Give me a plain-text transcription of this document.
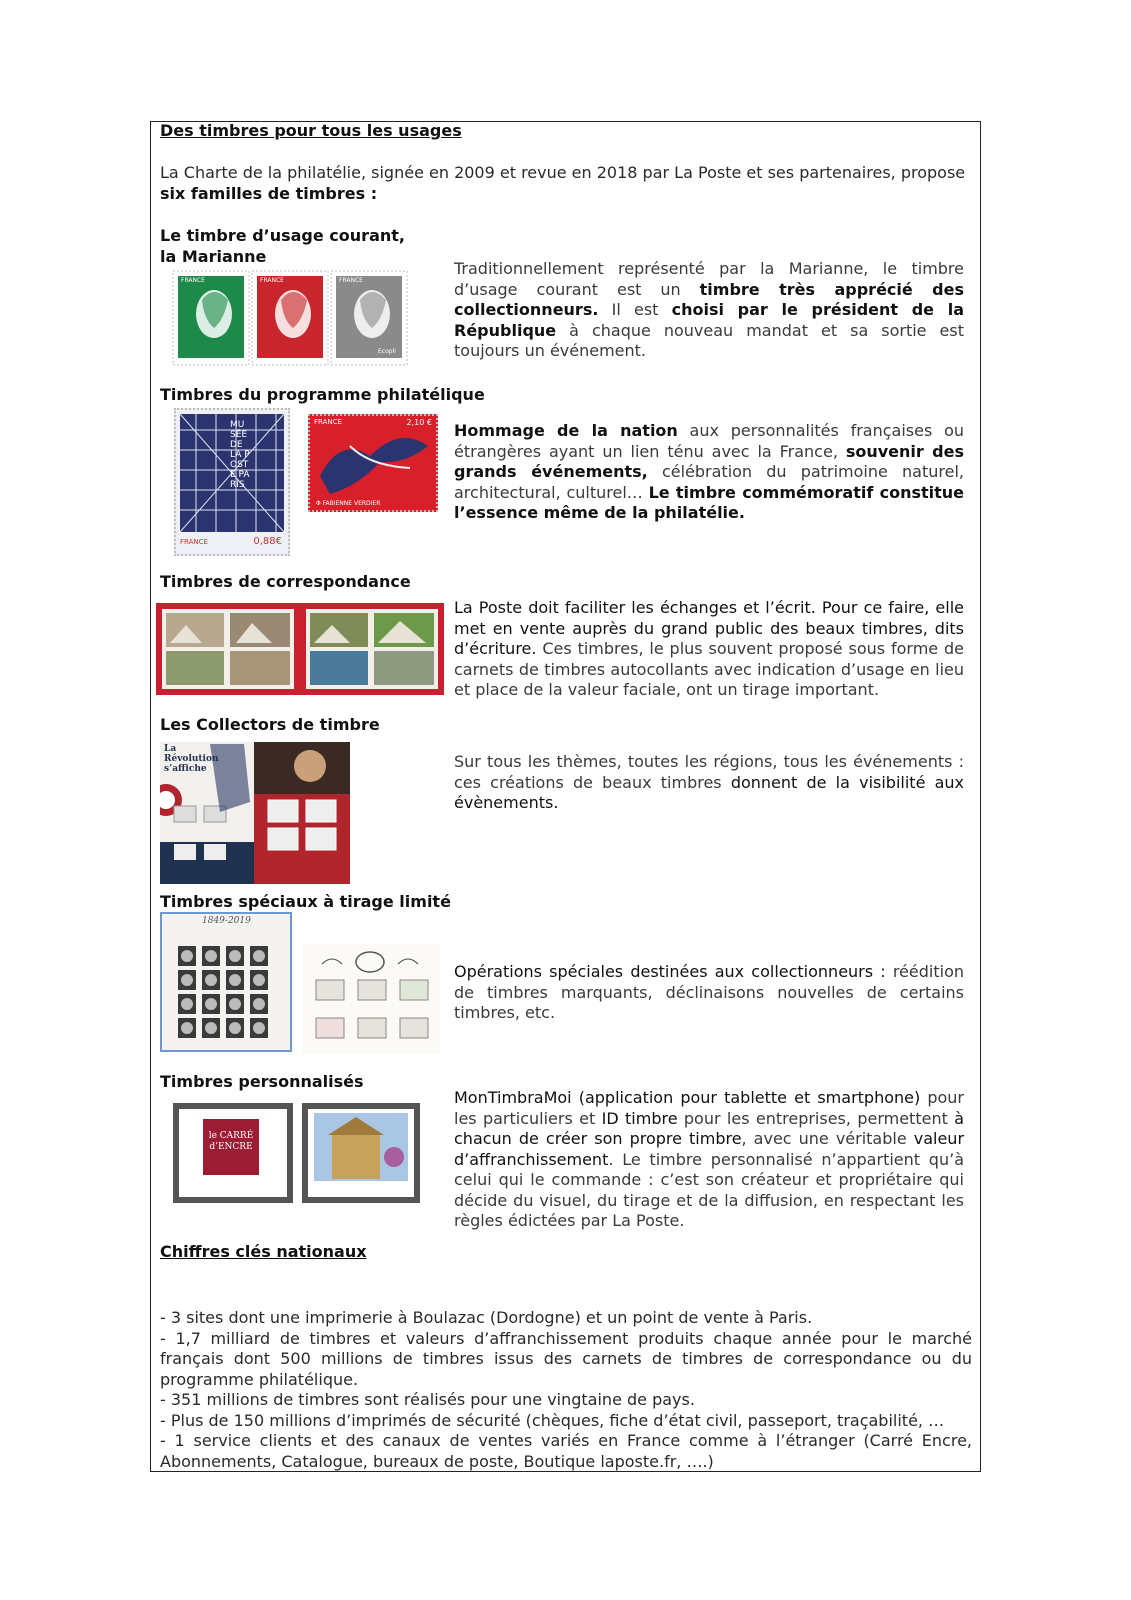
Des timbres pour tous les usages
La Charte de la philatélie, signée en 2009 et revue en 2018 par La Poste et ses partenaires, propose
six familles de timbres :
Le timbre d’usage courant,
la Marianne
FRANCE	FRANCE	FRANCE
Ecopli
Traditionnellement représenté par la Marianne, le timbre d’usage courant est un timbre très apprécié des collectionneurs. Il est choisi par le président de la République à chaque nouveau mandat et sa sortie est toujours un événement.
Timbres du programme philatélique
MUSÉE DE LA POSTE PARIS
FRANCE	0,88€
FRANCE	2,10 €
Φ FABIENNE VERDIER
Hommage de la nation aux personnalités françaises ou étrangères ayant un lien ténu avec la France, souvenir des grands événements, célébration du patrimoine naturel, architectural, culturel… Le timbre commémoratif constitue l’essence même de la philatélie.
Timbres de correspondance
La Poste doit faciliter les échanges et l’écrit. Pour ce faire, elle met en vente auprès du grand public des beaux timbres, dits d’écriture. Ces timbres, le plus souvent proposé sous forme de carnets de timbres autocollants avec indication d’usage en lieu et place de la valeur faciale, ont un tirage important.
Les Collectors de timbre
La Révolution s’affiche	Sur tous les thèmes, toutes les régions, tous les événements : ces créations de beaux timbres donnent de la visibilité aux évènements.
Timbres spéciaux à tirage limité
1849-2019
Opérations spéciales destinées aux collectionneurs : réédition de timbres marquants, déclinaisons nouvelles de certains timbres, etc.
Timbres personnalisés
le CARRÉ d’ENCRE
MonTimbraMoi (application pour tablette et smartphone) pour les particuliers et ID timbre pour les entreprises, permettent à chacun de créer son propre timbre, avec une véritable valeur d’affranchissement. Le timbre personnalisé n’appartient qu’à celui qui le commande : c’est son créateur et propriétaire qui décide du visuel, du tirage et de la diffusion, en respectant les règles édictées par La Poste.
Chiffres clés nationaux
- 3 sites dont une imprimerie à Boulazac (Dordogne) et un point de vente à Paris.
- 1,7 milliard de timbres et valeurs d’affranchissement produits chaque année pour le marché français dont 500 millions de timbres issus des carnets de timbres de correspondance ou du programme philatélique.
- 351 millions de timbres sont réalisés pour une vingtaine de pays.
- Plus de 150 millions d’imprimés de sécurité (chèques, fiche d’état civil, passeport, traçabilité, …
- 1 service clients et des canaux de ventes variés en France comme à l’étranger (Carré Encre, Abonnements, Catalogue, bureaux de poste, Boutique laposte.fr, ….)
